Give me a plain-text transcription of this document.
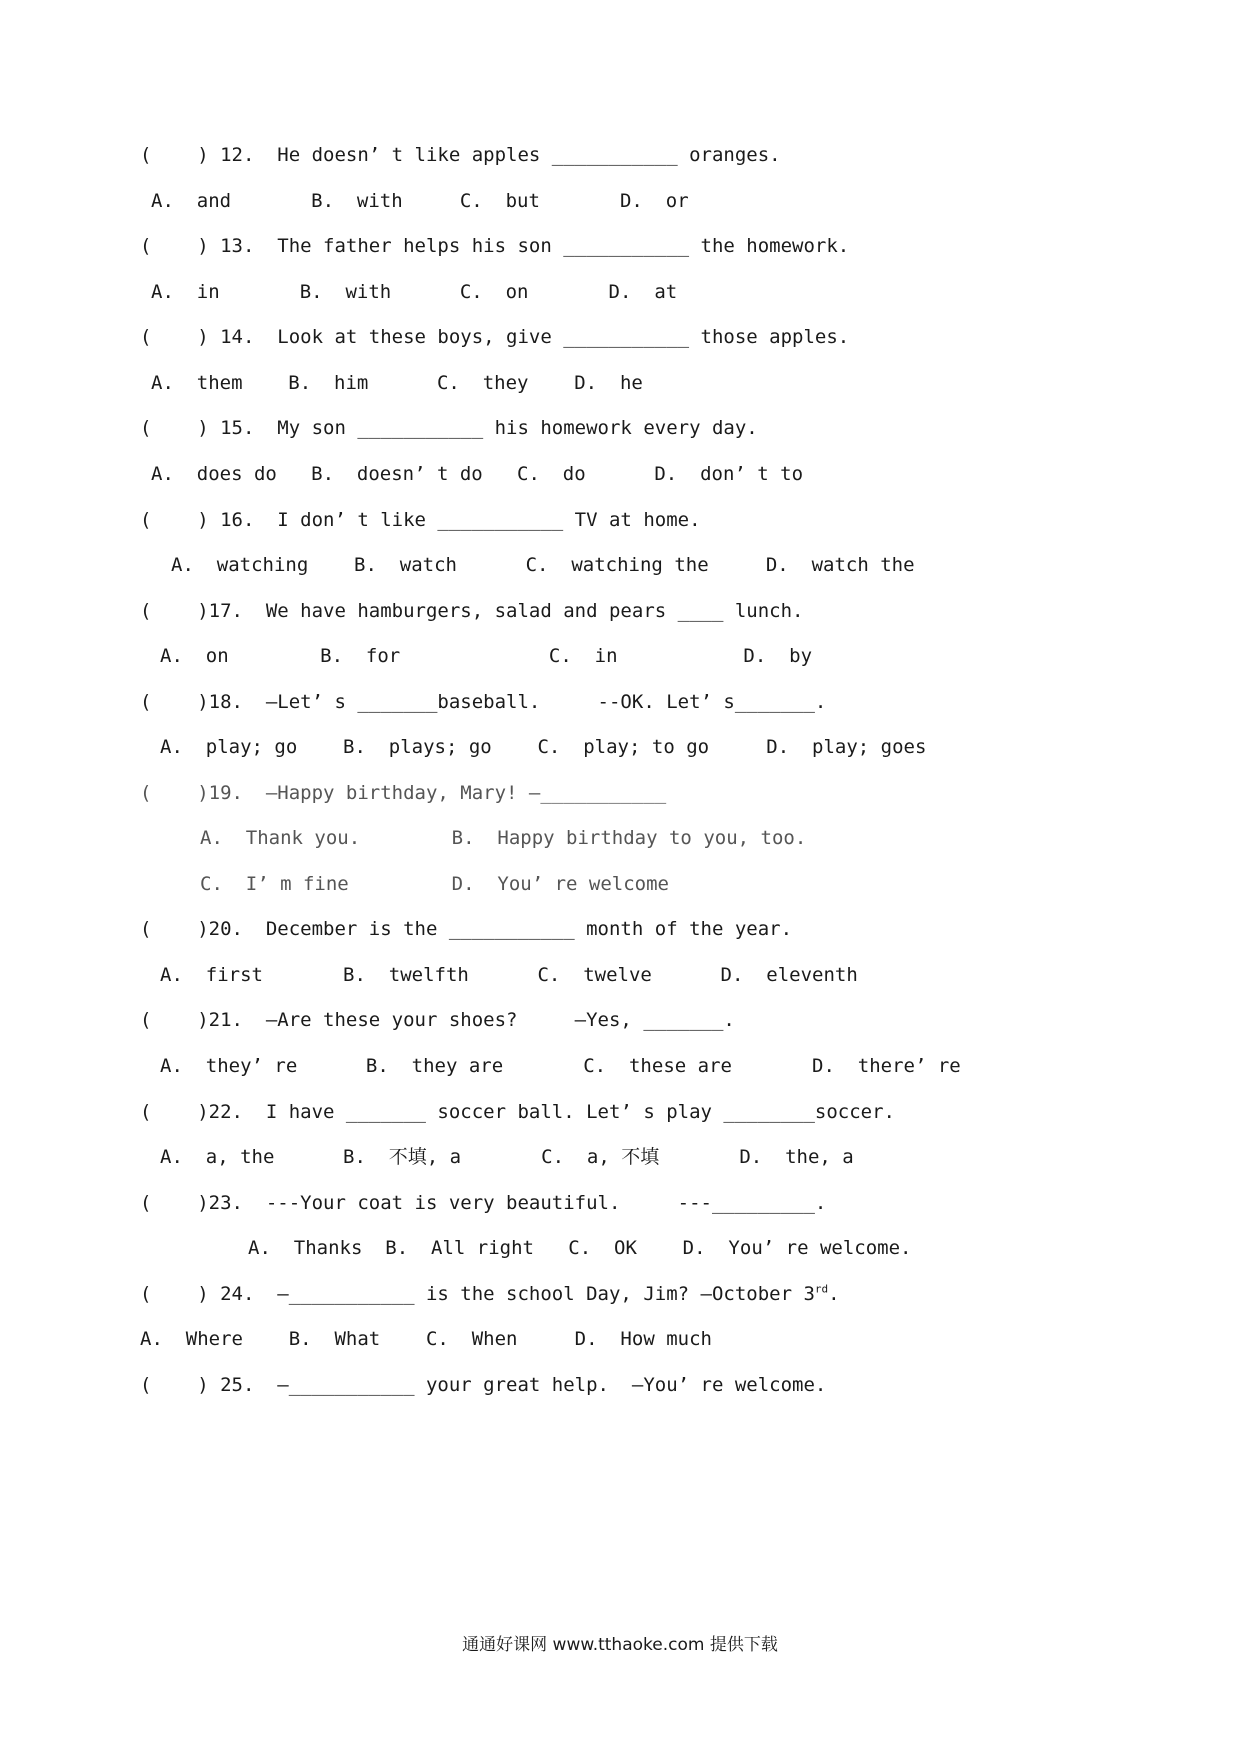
(    ) 12.  He doesn’ t like apples ___________ oranges.
A.  and       B.  with     C.  but       D.  or
(    ) 13.  The father helps his son ___________ the homework.
A.  in       B.  with      C.  on       D.  at
(    ) 14.  Look at these boys, give ___________ those apples.
A.  them    B.  him      C.  they    D.  he
(    ) 15.  My son ___________ his homework every day.
A.  does do   B.  doesn’ t do   C.  do      D.  don’ t to
(    ) 16.  I don’ t like ___________ TV at home.
A.  watching    B.  watch      C.  watching the     D.  watch the
(    )17.  We have hamburgers, salad and pears ____ lunch.
A.  on        B.  for             C.  in           D.  by
(    )18.  –Let’ s _______baseball.     --OK. Let’ s_______.
A.  play; go    B.  plays; go    C.  play; to go     D.  play; goes
(    )19.  —Happy birthday, Mary! —___________
A.  Thank you.        B.  Happy birthday to you, too.
C.  I’ m fine         D.  You’ re welcome
(    )20.  December is the ___________ month of the year.
A.  first       B.  twelfth      C.  twelve      D.  eleventh
(    )21.  –Are these your shoes?     –Yes, _______.
A.  they’ re      B.  they are       C.  these are       D.  there’ re
(    )22.  I have _______ soccer ball. Let’ s play ________soccer.
A.  a, the      B.  不填, a       C.  a, 不填       D.  the, a
(    )23.  ---Your coat is very beautiful.     ---_________.
A.  Thanks  B.  All right   C.  OK    D.  You’ re welcome.
(    ) 24.  —___________ is the school Day, Jim? —October 3rd.
A.  Where    B.  What    C.  When     D.  How much
(    ) 25.  —___________ your great help.  —You’ re welcome.
通通好课网 www.tthaoke.com 提供下载
